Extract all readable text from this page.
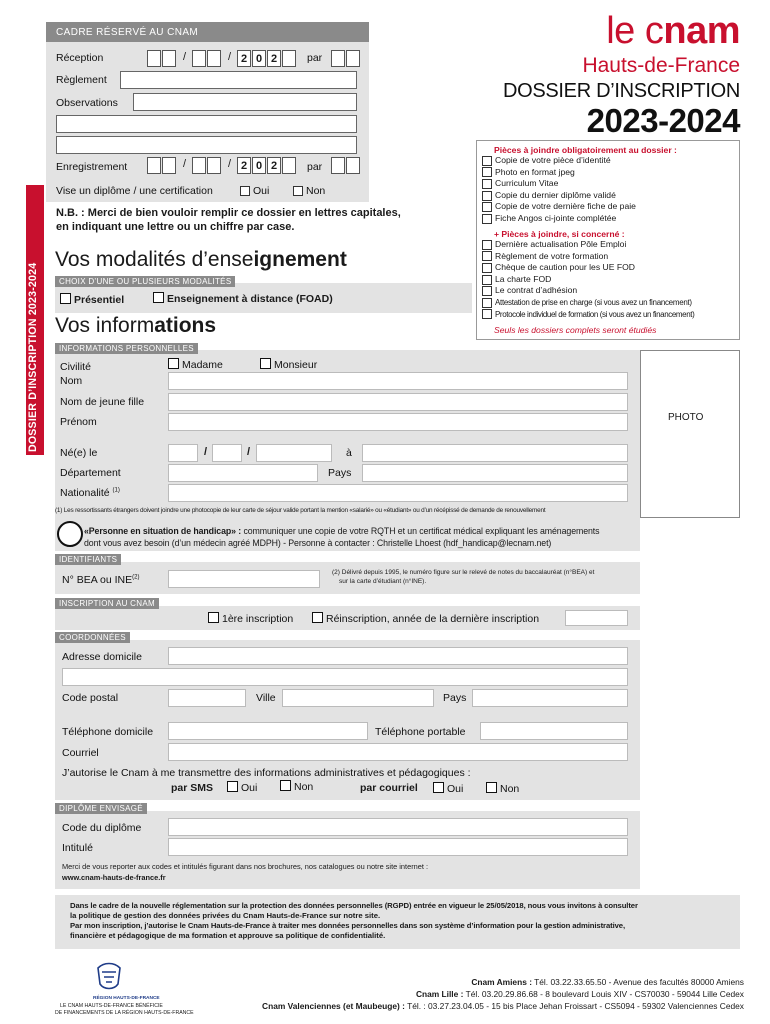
CADRE RÉSERVÉ AU CNAM
Réception	/	/ 2 0 2	par
Règlement
Observations
Enregistrement	/	/ 2 0 2	par
Vise un diplôme / une certification	Oui	Non
le cnam
Hauts-de-France
DOSSIER D’INSCRIPTION
2023-2024
DOSSIER D’INSCRIPTION 2023-2024
N.B. : Merci de bien vouloir remplir ce dossier en lettres capitales,
en indiquant une lettre ou un chiffre par case.
Pièces à joindre obligatoirement au dossier :
Copie de votre pièce d’identité
Photo en format jpeg
Curriculum Vitae
Copie du dernier diplôme validé
Copie de votre dernière fiche de paie
Fiche Angos ci-jointe complétée
+ Pièces à joindre, si concerné :
Dernière actualisation Pôle Emploi
Règlement de votre formation
Chèque de caution pour les UE FOD
La charte FOD
Le contrat d’adhésion
Attestation de prise en charge (si vous avez un financement)
Protocole individuel de formation (si vous avez un financement)
Seuls les dossiers complets seront étudiés
Vos modalités d’enseignement
CHOIX D’UNE OU PLUSIEURS MODALITÉS
Présentiel	Enseignement à distance (FOAD)
Vos informations
INFORMATIONS PERSONNELLES
Civilité	Madame	Monsieur
Nom
Nom de jeune fille
Prénom
Né(e) le	/	/	à
Département	Pays
Nationalité $^{(1)}$
PHOTO
(1) Les ressortissants étrangers doivent joindre une photocopie de leur carte de séjour valide portant la mention «salarié» ou «étudiant» ou d’un récépissé de demande de renouvellement
«Personne en situation de handicap» : communiquer une copie de votre RQTH et un certificat médical expliquant les aménagements
dont vous avez besoin (d’un médecin agréé MDPH) - Personne à contacter : Christelle Lhoest (hdf_handicap@lecnam.net)
IDENTIFIANTS
N° BEA ou INE$^{(2)}$
(2) Délivré depuis 1995, le numéro figure sur le relevé de notes du baccalauréat (n°BEA) et
sur la carte d’étudiant (n°INE).
INSCRIPTION AU CNAM
1ère inscription	Réinscription, année de la dernière inscription
COORDONNÉES
Adresse domicile
Code postal	Ville	Pays
Téléphone domicile	Téléphone portable
Courriel
J’autorise le Cnam à me transmettre des informations administratives et pédagogiques :
par SMS	Oui	Non	par courriel	Oui	Non
DIPLÔME ENVISAGÉ
Code du diplôme
Intitulé
Merci de vous reporter aux codes et intitulés figurant dans nos brochures, nos catalogues ou notre site internet :
www.cnam-hauts-de-france.fr
Dans le cadre de la nouvelle réglementation sur la protection des données personnelles (RGPD) entrée en vigueur le 25/05/2018, nous vous invitons à consulter
la politique de gestion des données privées du Cnam Hauts-de-France sur notre site.
Par mon inscription, j’autorise le Cnam Hauts-de-France à traiter mes données personnelles dans son système d’information pour la gestion administrative,
financière et pédagogique de ma formation et approuve sa politique de confidentialité.
RÉGION HAUTS-DE-FRANCE
LE CNAM HAUTS-DE-FRANCE BÉNÉFICIE
DE FINANCEMENTS DE LA RÉGION HAUTS-DE-FRANCE
Cnam Amiens : Tél. 03.22.33.65.50 - Avenue des facultés 80000 Amiens
Cnam Lille : Tél. 03.20.29.86.68 - 8 boulevard Louis XIV - CS70030 - 59044 Lille Cedex
Cnam Valenciennes (et Maubeuge) : Tél. : 03.27.23.04.05 - 15 bis Place Jehan Froissart - CS5094 - 59302 Valenciennes Cedex
